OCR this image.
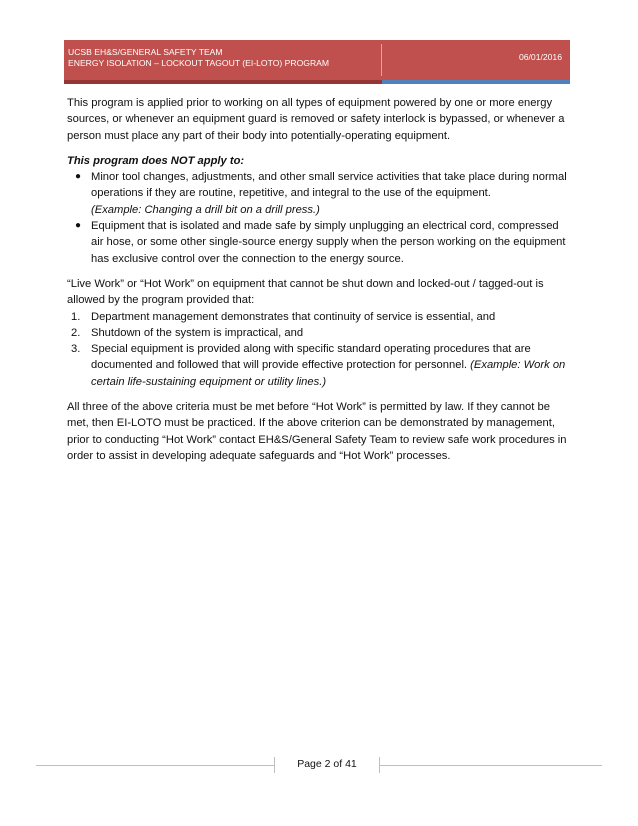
UCSB EH&S/GENERAL SAFETY TEAM
ENERGY ISOLATION – LOCKOUT TAGOUT (EI-LOTO) PROGRAM
06/01/2016

This program is applied prior to working on all types of equipment powered by one or more energy sources, or whenever an equipment guard is removed or safety interlock is bypassed, or whenever a person must place any part of their body into potentially-operating equipment.

This program does NOT apply to:

● Minor tool changes, adjustments, and other small service activities that take place during normal operations if they are routine, repetitive, and integral to the use of the equipment.
(Example: Changing a drill bit on a drill press.)
● Equipment that is isolated and made safe by simply unplugging an electrical cord, compressed air hose, or some other single-source energy supply when the person working on the equipment has exclusive control over the connection to the energy source.

“Live Work” or “Hot Work” on equipment that cannot be shut down and locked-out / tagged-out is allowed by the program provided that:

1. Department management demonstrates that continuity of service is essential, and
2. Shutdown of the system is impractical, and
3. Special equipment is provided along with specific standard operating procedures that are documented and followed that will provide effective protection for personnel. (Example: Work on certain life-sustaining equipment or utility lines.)

All three of the above criteria must be met before “Hot Work” is permitted by law. If they cannot be met, then EI-LOTO must be practiced. If the above criterion can be demonstrated by management, prior to conducting “Hot Work” contact EH&S/General Safety Team to review safe work procedures in order to assist in developing adequate safeguards and “Hot Work” processes.

Page 2 of 41
